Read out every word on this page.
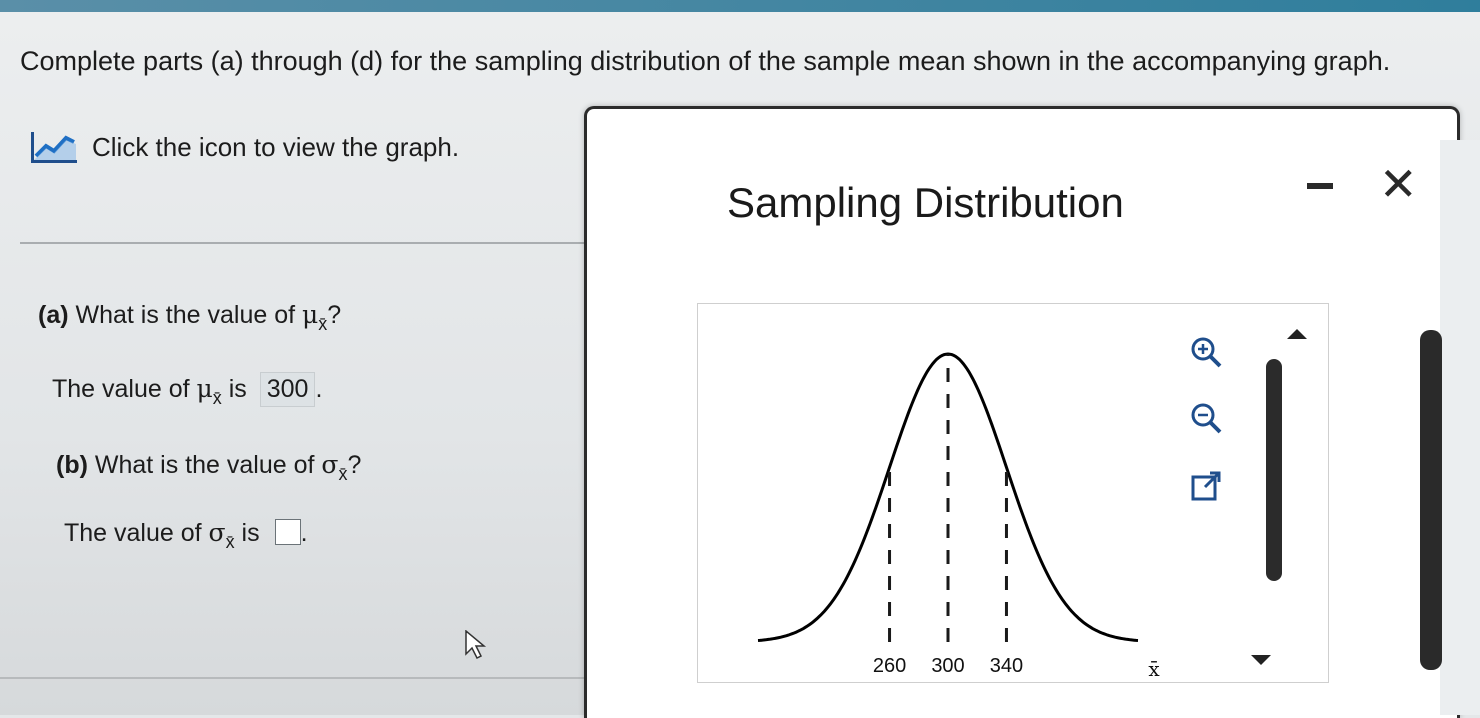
Complete parts (a) through (d) for the sampling distribution of the sample mean shown in the accompanying graph.
Click the icon to view the graph.
(a) What is the value of $\mu_{x̄}$?
The value of $\mu_{x̄}$ is 300 .
(b) What is the value of $\sigma_{x̄}$?
The value of $\sigma_{x̄}$ is .
Sampling Distribution	✕
260 300 340	x̄
